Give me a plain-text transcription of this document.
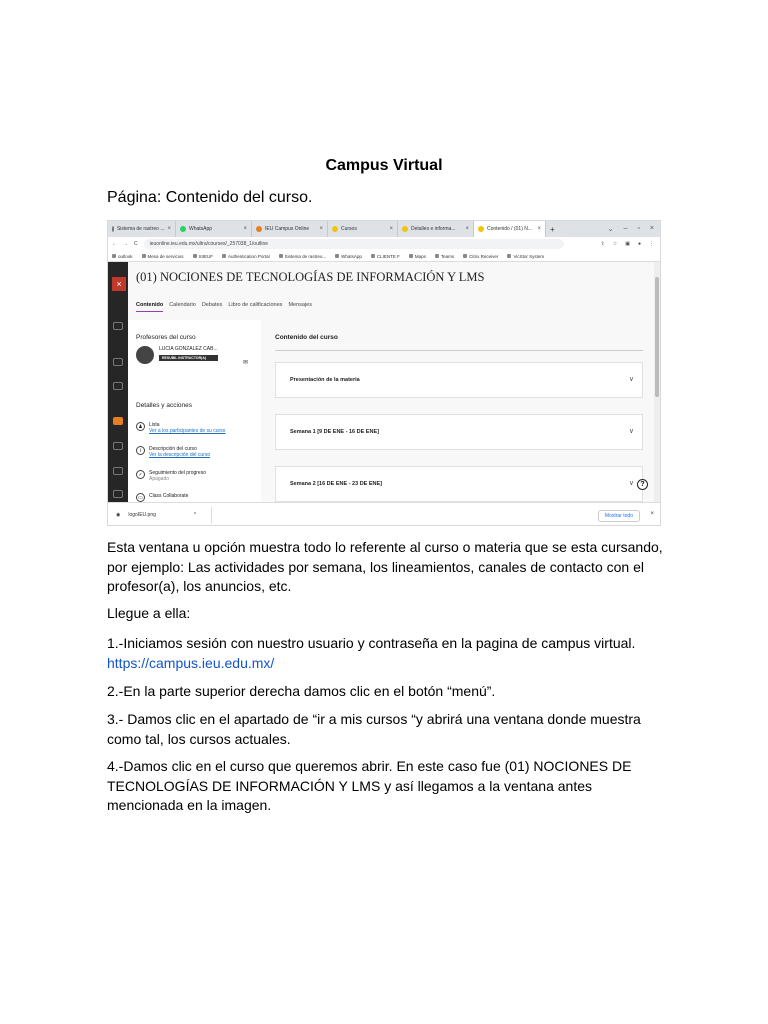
Campus Virtual
Página: Contenido del curso.
Sistema de rastreo ... ×	WhatsApp	×	IEU Campus Online ×	Cursos	×	Detalles e informa... ×	Contenido / (01) N... ×	+	⌄ – ▫ ×
← → C	ieuonline.ieu.edu.mx/ultra/courses/_257038_1/outline	⇪ ☆ ▣ ● ⋮
outlook	Mesa de servicios	SIIEUF	Authentication Portal	Sistema de rastreo...	WhatsApp	CLIENTE F	Maps	Teams	Citrix Receiver	VicStor System
×	(01) NOCIONES DE TECNOLOGÍAS DE INFORMACIÓN Y LMS
Contenido Calendario Debates Libro de calificaciones Mensajes
Profesores del curso
Detalles y acciones
LUCIA GONZALEZ CAB...
RESUBIL INSTRUCTOR(A)
✉
♟	Lista
Ver a los participantes de su curso
i	Descripción del curso
Ver la descripción del curso
✓	Seguimiento del progreso
Apagado
▭	Class Collaborate
Contenido del curso
Presentación de la materia	∨
Semana 1 [9 DE ENE - 16 DE ENE]	∨
Semana 2 [16 DE ENE - 23 DE ENE]	∨ ?
◉ logoIEU.png	^	Mostrar todo	×
Esta ventana u opción muestra todo lo referente al curso o materia que se esta cursando, por ejemplo: Las actividades por semana, los lineamientos, canales de contacto con el profesor(a), los anuncios, etc.
Llegue a ella:
1.-Iniciamos sesión con nuestro usuario y contraseña en la pagina de campus virtual.
https://campus.ieu.edu.mx/
2.-En la parte superior derecha damos clic en el botón “menú”.
3.- Damos clic en el apartado de “ir a mis cursos “y abrirá una ventana donde muestra como tal, los cursos actuales.
4.-Damos clic en el curso que queremos abrir. En este caso fue (01) NOCIONES DE TECNOLOGÍAS DE INFORMACIÓN Y LMS y así llegamos a la ventana antes mencionada en la imagen.
